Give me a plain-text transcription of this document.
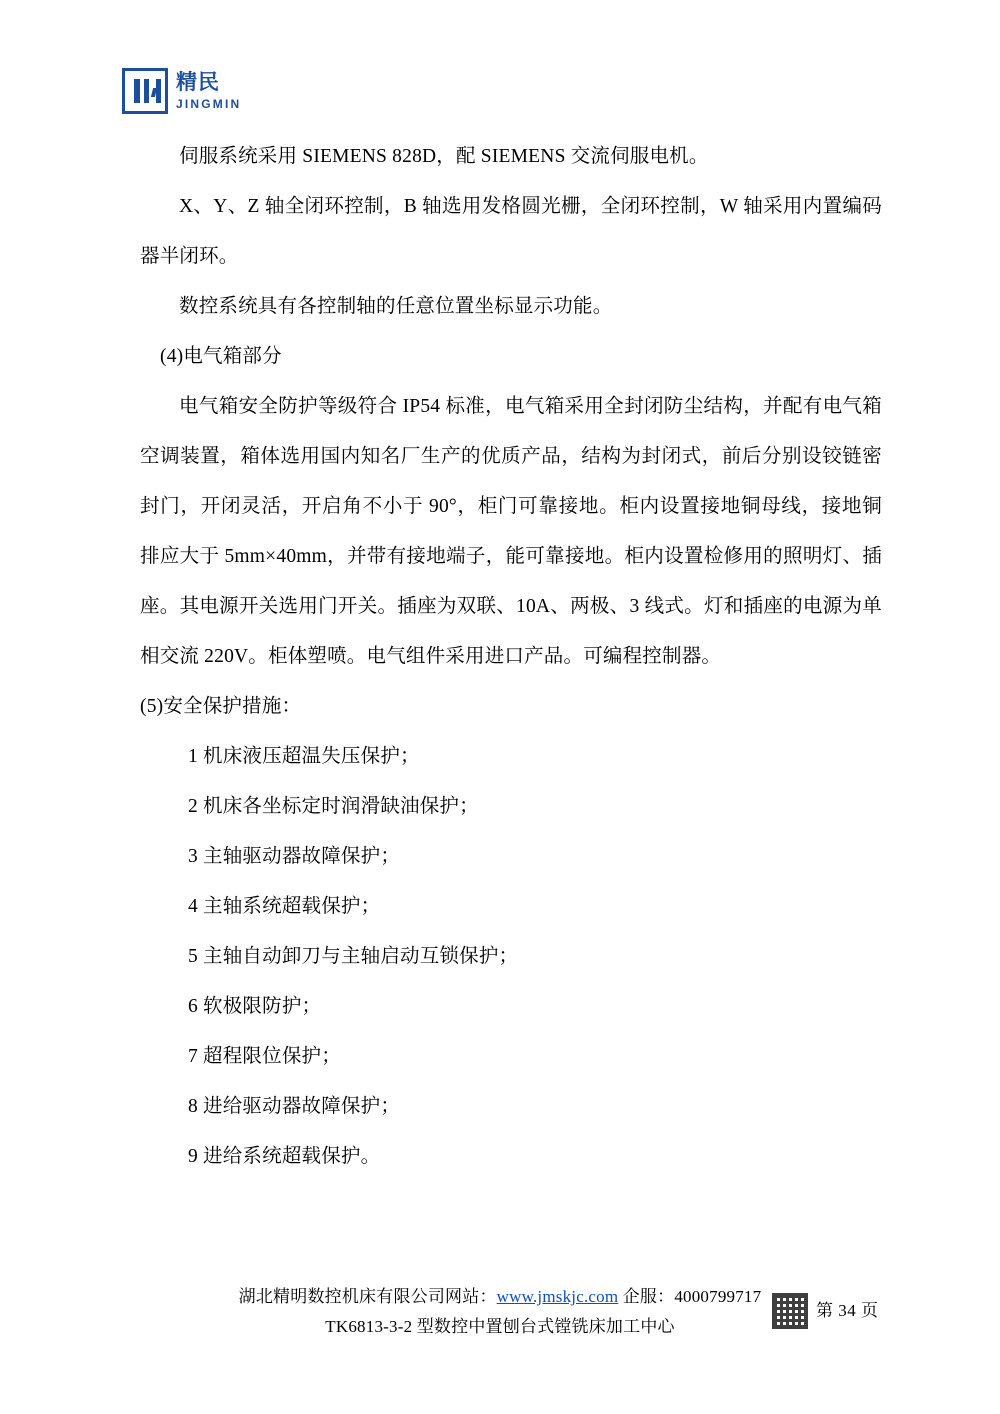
精民
JINGMIN

伺服系统采用 SIEMENS 828D，配 SIEMENS 交流伺服电机。

X、Y、Z 轴全闭环控制，B 轴选用发格圆光栅，全闭环控制，W 轴采用内置编码器半闭环。

数控系统具有各控制轴的任意位置坐标显示功能。

(4)电气箱部分

电气箱安全防护等级符合 IP54 标准，电气箱采用全封闭防尘结构，并配有电气箱空调装置，箱体选用国内知名厂生产的优质产品，结构为封闭式，前后分别设铰链密封门，开闭灵活，开启角不小于 90°，柜门可靠接地。柜内设置接地铜母线，接地铜排应大于 5mm×40mm，并带有接地端子，能可靠接地。柜内设置检修用的照明灯、插座。其电源开关选用门开关。插座为双联、10A、两极、3 线式。灯和插座的电源为单相交流 220V。柜体塑喷。电气组件采用进口产品。可编程控制器。

(5)安全保护措施：

1 机床液压超温失压保护；

2 机床各坐标定时润滑缺油保护；

3 主轴驱动器故障保护；

4 主轴系统超载保护；

5 主轴自动卸刀与主轴启动互锁保护；

6 软极限防护；

7 超程限位保护；

8 进给驱动器故障保护；

9 进给系统超载保护。

湖北精明数控机床有限公司网站：www.jmskjc.com 企服：4000799717
TK6813-3-2 型数控中置刨台式镗铣床加工中心
第 34 页
